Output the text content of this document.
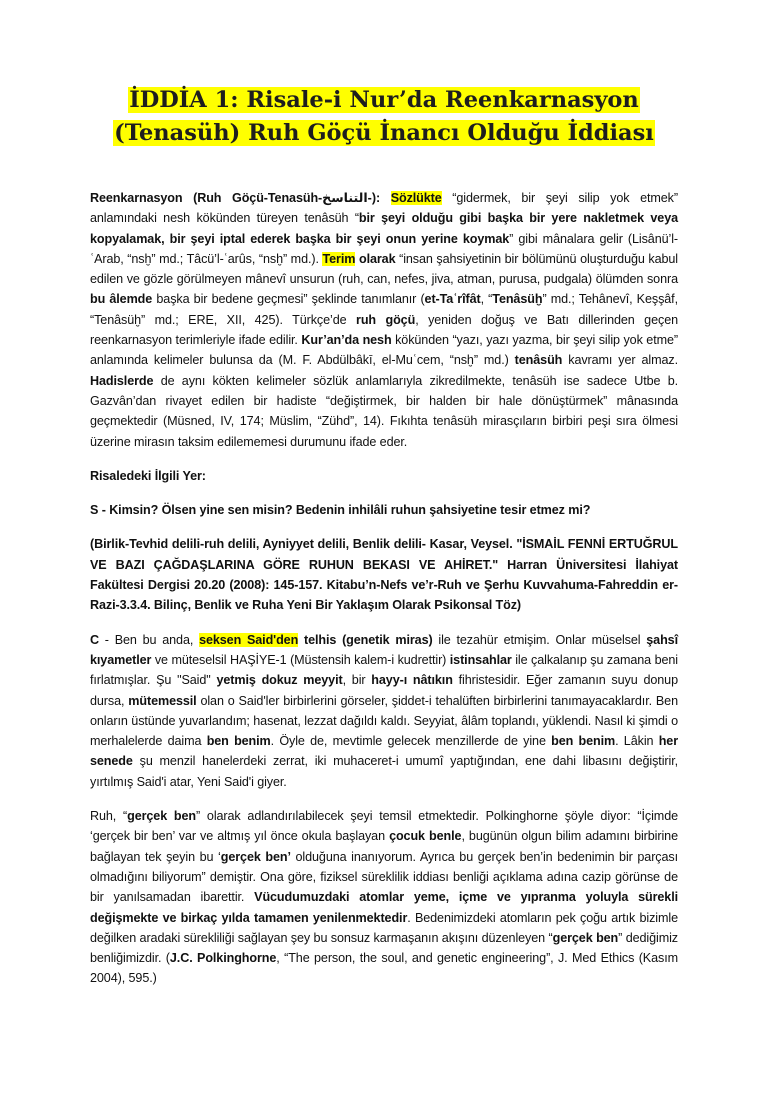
İDDİA 1: Risale-i Nur’da Reenkarnasyon
(Tenasüh) Ruh Göçü İnancı Olduğu İddiası

Reenkarnasyon (Ruh Göçü-Tenasüh-التناسخ-): Sözlükte “gidermek, bir şeyi silip yok etmek” anlamındaki nesh kökünden türeyen tenâsüh “bir şeyi olduğu gibi başka bir yere nakletmek veya kopyalamak, bir şeyi iptal ederek başka bir şeyi onun yerine koymak” gibi mânalara gelir (Lisânü’l-ʿArab, “nsḫ” md.; Tâcü’l-ʿarûs, “nsḫ” md.). Terim olarak “insan şahsiyetinin bir bölümünü oluşturduğu kabul edilen ve gözle görülmeyen mânevî unsurun (ruh, can, nefes, jiva, atman, purusa, pudgala) ölümden sonra bu âlemde başka bir bedene geçmesi” şeklinde tanımlanır (et-Taʿrîfât, “Tenâsüḫ” md.; Tehânevî, Keşşâf, “Tenâsüḫ” md.; ERE, XII, 425). Türkçe’de ruh göçü, yeniden doğuş ve Batı dillerinden geçen reenkarnasyon terimleriyle ifade edilir. Kur’an’da nesh kökünden “yazı, yazı yazma, bir şeyi silip yok etme” anlamında kelimeler bulunsa da (M. F. Abdülbâkī, el-Muʿcem, “nsḫ” md.) tenâsüh kavramı yer almaz. Hadislerde de aynı kökten kelimeler sözlük anlamlarıyla zikredilmekte, tenâsüh ise sadece Utbe b. Gazvân’dan rivayet edilen bir hadiste “değiştirmek, bir halden bir hale dönüştürmek” mânasında geçmektedir (Müsned, IV, 174; Müslim, “Zühd”, 14). Fıkıhta tenâsüh mirasçıların birbiri peşi sıra ölmesi üzerine mirasın taksim edilememesi durumunu ifade eder.

Risaledeki İlgili Yer:

S - Kimsin? Ölsen yine sen misin? Bedenin inhilâli ruhun şahsiyetine tesir etmez mi?

(Birlik-Tevhid delili-ruh delili, Ayniyyet delili, Benlik delili- Kasar, Veysel. "İSMAİL FENNİ ERTUĞRUL VE BAZI ÇAĞDAŞLARINA GÖRE RUHUN BEKASI VE AHİRET." Harran Üniversitesi İlahiyat Fakültesi Dergisi 20.20 (2008): 145-157. Kitabu’n-Nefs ve’r-Ruh ve Şerhu Kuvvahuma-Fahreddin er-Razi-3.3.4. Bilinç, Benlik ve Ruha Yeni Bir Yaklaşım Olarak Psikonsal Töz)

C - Ben bu anda, seksen Said'den telhis (genetik miras) ile tezahür etmişim. Onlar müselsel şahsî kıyametler ve müteselsil HAŞİYE-1 (Müstensih kalem-i kudrettir) istinsahlar ile çalkalanıp şu zamana beni fırlatmışlar. Şu "Said" yetmiş dokuz meyyit, bir hayy-ı nâtıkın fihristesidir. Eğer zamanın suyu donup dursa, mütemessil olan o Said'ler birbirlerini görseler, şiddet-i tehalüften birbirlerini tanımayacaklardır. Ben onların üstünde yuvarlandım; hasenat, lezzat dağıldı kaldı. Seyyiat, âlâm toplandı, yüklendi. Nasıl ki şimdi o merhalelerde daima ben benim. Öyle de, mevtimle gelecek menzillerde de yine ben benim. Lâkin her senede şu menzil hanelerdeki zerrat, iki muhaceret-i umumî yaptığından, ene dahi libasını değiştirir, yırtılmış Said'i atar, Yeni Said'i giyer.

Ruh, “gerçek ben” olarak adlandırılabilecek şeyi temsil etmektedir. Polkinghorne şöyle diyor: “İçimde ‘gerçek bir ben’ var ve altmış yıl önce okula başlayan çocuk benle, bugünün olgun bilim adamını birbirine bağlayan tek şeyin bu ‘gerçek ben’ olduğuna inanıyorum. Ayrıca bu gerçek ben’in bedenimin bir parçası olmadığını biliyorum” demiştir. Ona göre, fiziksel süreklilik iddiası benliği açıklama adına cazip görünse de bir yanılsamadan ibarettir. Vücudumuzdaki atomlar yeme, içme ve yıpranma yoluyla sürekli değişmekte ve birkaç yılda tamamen yenilenmektedir. Bedenimizdeki atomların pek çoğu artık bizimle değilken aradaki sürekliliği sağlayan şey bu sonsuz karmaşanın akışını düzenleyen “gerçek ben” dediğimiz benliğimizdir. (J.C. Polkinghorne, “The person, the soul, and genetic engineering”, J. Med Ethics (Kasım 2004), 595.)
